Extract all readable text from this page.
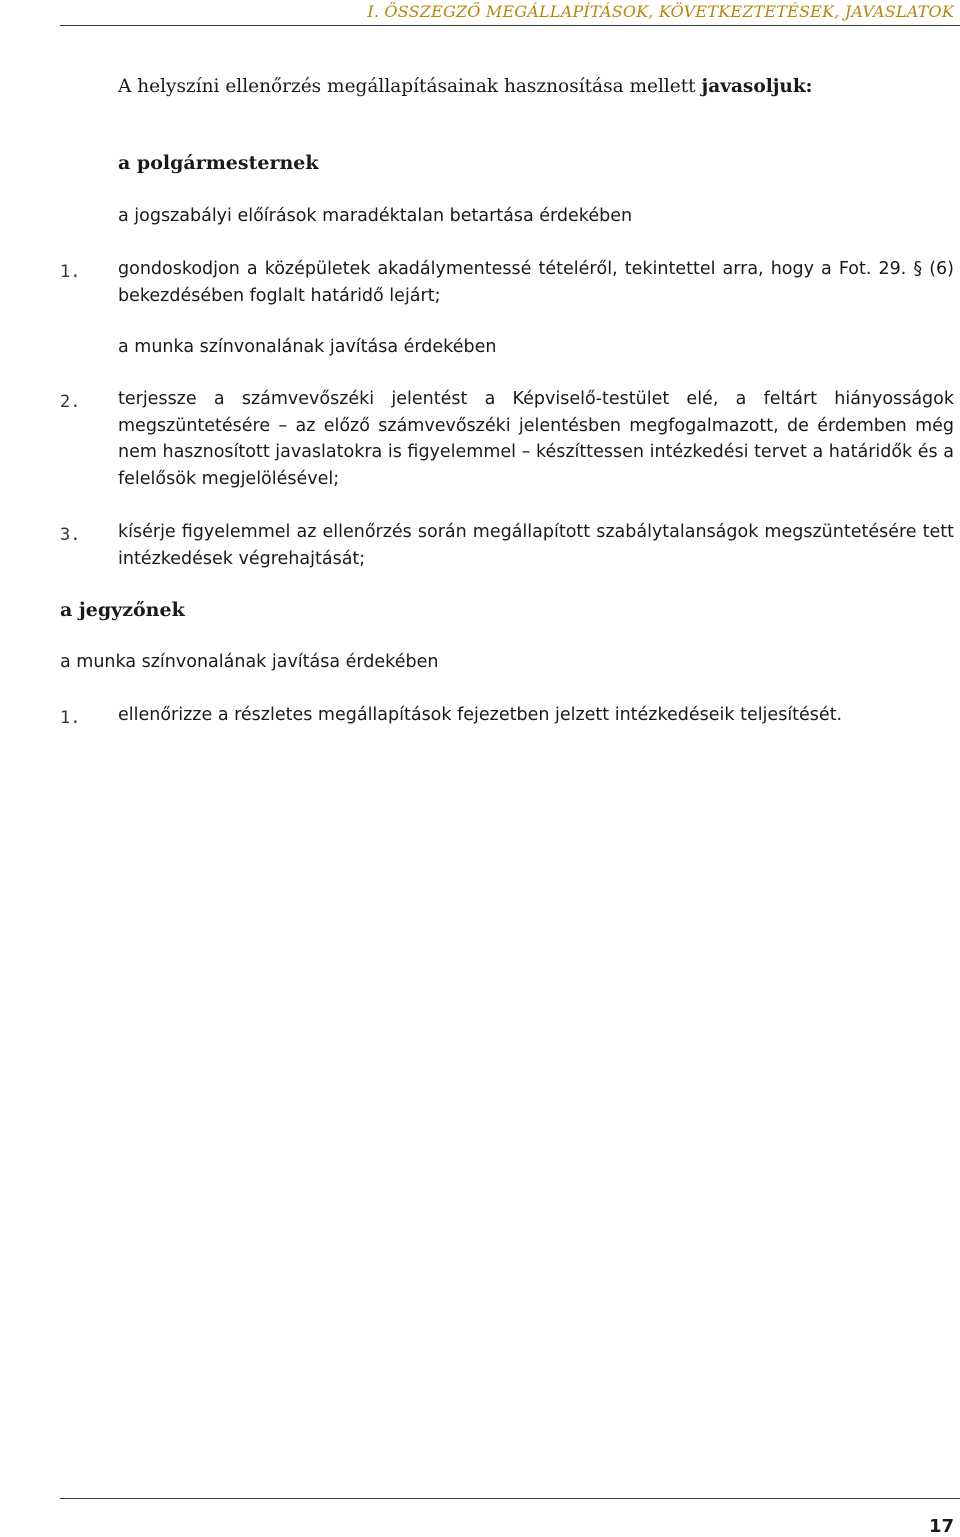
I. ÖSSZEGZŐ MEGÁLLAPÍTÁSOK, KÖVETKEZTETÉSEK, JAVASLATOK
A helyszíni ellenőrzés megállapításainak hasznosítása mellett javasoljuk:
a polgármesternek
a jogszabályi előírások maradéktalan betartása érdekében
1. gondoskodjon a középületek akadálymentessé tételéről, tekintettel arra, hogy a Fot. 29. § (6) bekezdésében foglalt határidő lejárt;
a munka színvonalának javítása érdekében
2. terjessze a számvevőszéki jelentést a Képviselő-testület elé, a feltárt hiányosságok megszüntetésére – az előző számvevőszéki jelentésben megfogalmazott, de érdemben még nem hasznosított javaslatokra is figyelemmel – készíttessen intézkedési tervet a határidők és a felelősök megjelölésével;
3. kísérje figyelemmel az ellenőrzés során megállapított szabálytalanságok megszüntetésére tett intézkedések végrehajtását;
a jegyzőnek
a munka színvonalának javítása érdekében
1. ellenőrizze a részletes megállapítások fejezetben jelzett intézkedéseik teljesítését.
17
